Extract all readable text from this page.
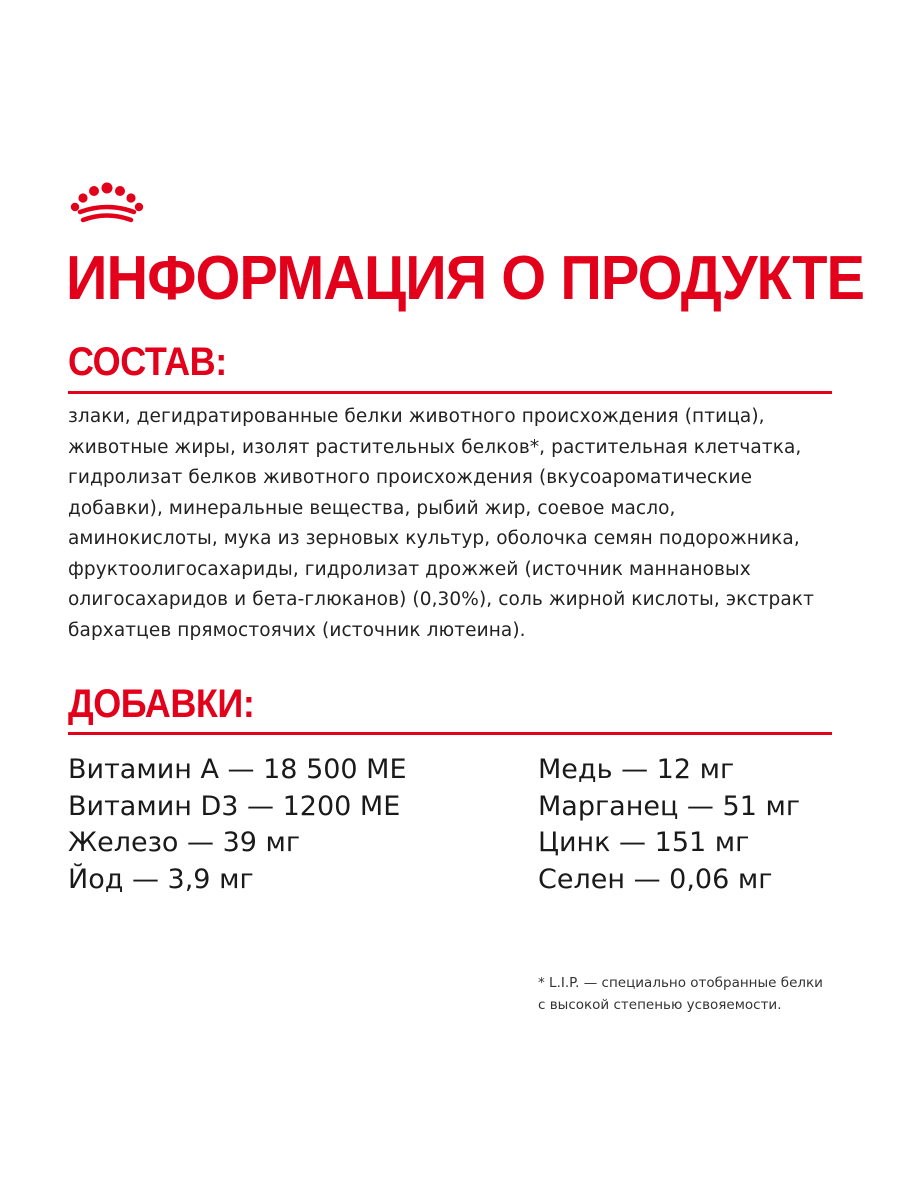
ИНФОРМАЦИЯ О ПРОДУКТЕ
СОСТАВ:
злаки, дегидратированные белки животного происхождения (птица),
животные жиры, изолят растительных белков*, растительная клетчатка,
гидролизат белков животного происхождения (вкусоароматические
добавки), минеральные вещества, рыбий жир, соевое масло,
аминокислоты, мука из зерновых культур, оболочка семян подорожника,
фруктоолигосахариды, гидролизат дрожжей (источник маннановых
олигосахаридов и бета-глюканов) (0,30%), соль жирной кислоты, экстракт
бархатцев прямостоячих (источник лютеина).
ДОБАВКИ:
Витамин А — 18 500 МЕ
Витамин D3 — 1200 МЕ
Железо — 39 мг
Йод — 3,9 мг
Медь — 12 мг
Марганец — 51 мг
Цинк — 151 мг
Селен — 0,06 мг
* L.I.P. — специально отобранные белки
с высокой степенью усвояемости.
